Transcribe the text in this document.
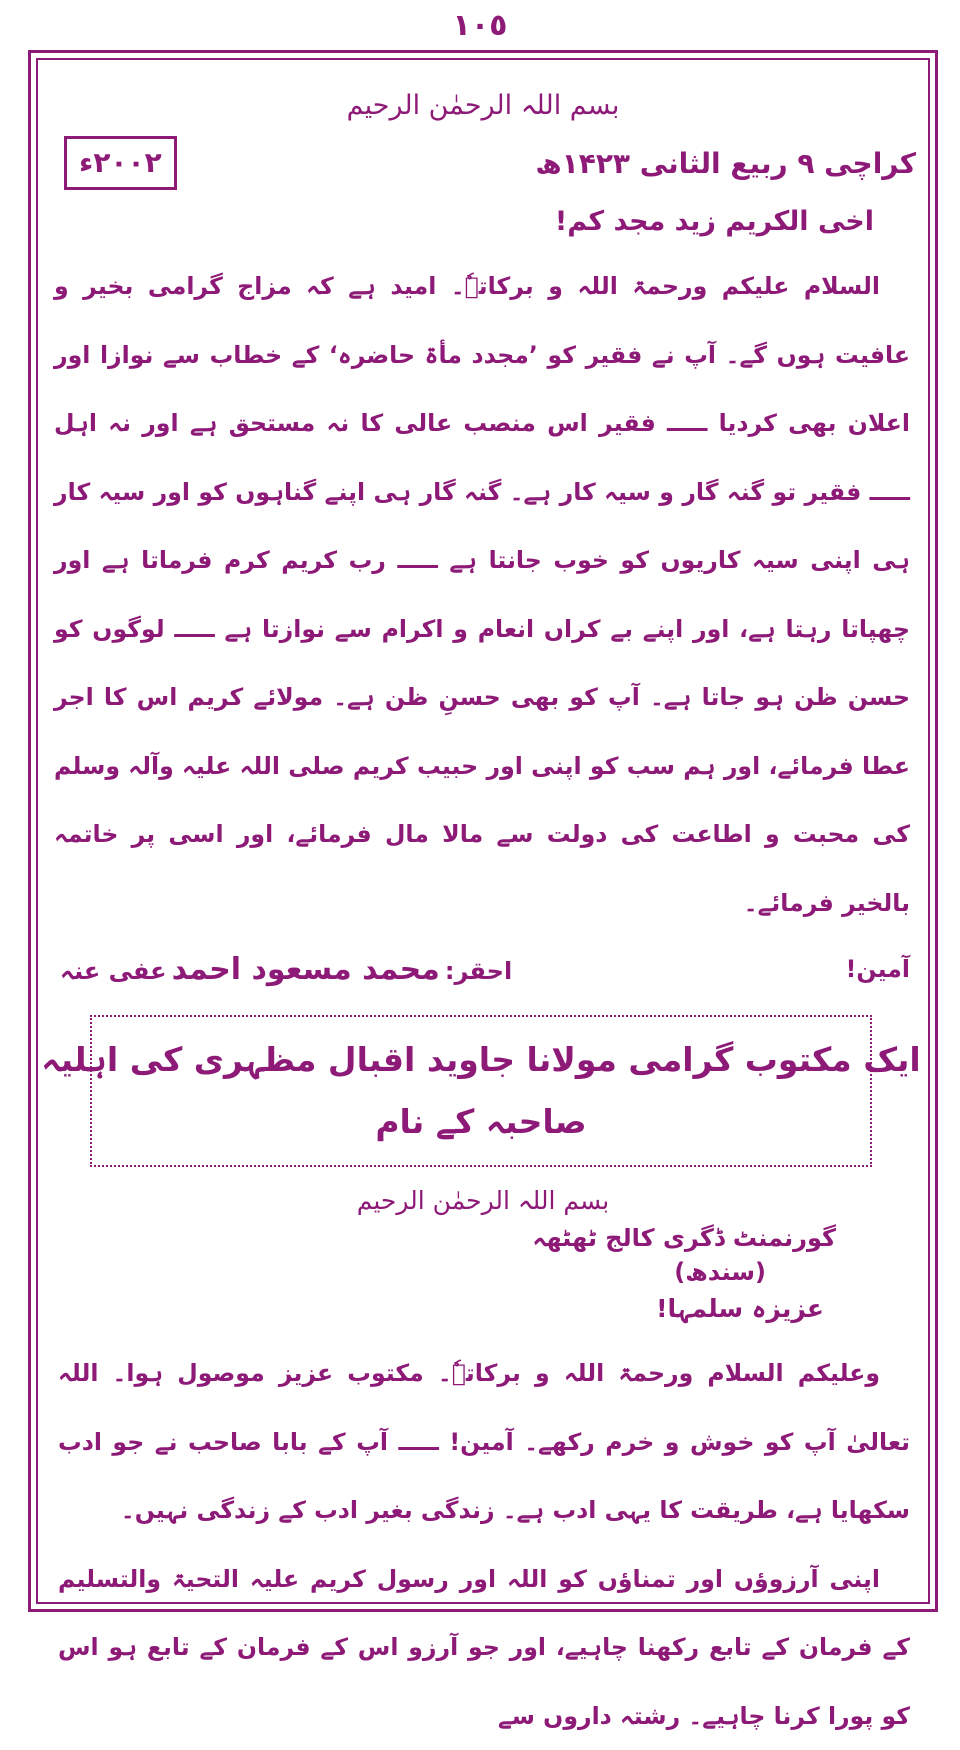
١٠٥
بسم اللہ الرحمٰن الرحیم
کراچی ۹ ربیع الثانی ۱۴۲۳ھ
٢٠٠٢ء
اخی الکریم زید مجد کم!

السلام علیکم ورحمۃ اللہ و برکاتہٗ۔ امید ہے کہ مزاج گرامی بخیر و عافیت ہوں گے۔ آپ نے فقیر کو ’مجدد مأۃ حاضرہ‘ کے خطاب سے نوازا اور اعلان بھی کردیا ـــــ فقیر اس منصب عالی کا نہ مستحق ہے اور نہ اہل ـــــ فقیر تو گنہ گار و سیہ کار ہے۔ گنہ گار ہی اپنے گناہوں کو اور سیہ کار ہی اپنی سیہ کاریوں کو خوب جانتا ہے ـــــ رب کریم کرم فرماتا ہے اور چھپاتا رہتا ہے، اور اپنے بے کراں انعام و اکرام سے نوازتا ہے ـــــ لوگوں کو حسن ظن ہو جاتا ہے۔ آپ کو بھی حسنِ ظن ہے۔ مولائے کریم اس کا اجر عطا فرمائے، اور ہم سب کو اپنی اور حبیب کریم صلی اللہ علیہ وآلہ وسلم کی محبت و اطاعت کی دولت سے مالا مال فرمائے، اور اسی پر خاتمہ بالخیر فرمائے۔

آمین!
احقر: محمد مسعود احمد عفی عنہ
ایک مکتوب گرامی مولانا جاوید اقبال مظہری کی اہلیہ
صاحبہ کے نام
بسم اللہ الرحمٰن الرحیم
گورنمنٹ ڈگری کالج ٹھٹھہ
(سندھ)
عزیزہ سلمہا!

وعلیکم السلام ورحمۃ اللہ و برکاتہٗ۔ مکتوب عزیز موصول ہوا۔ اللہ تعالیٰ آپ کو خوش و خرم رکھے۔ آمین! ـــــ آپ کے بابا صاحب نے جو ادب سکھایا ہے، طریقت کا یہی ادب ہے۔ زندگی بغیر ادب کے زندگی نہیں۔

اپنی آرزوؤں اور تمناؤں کو اللہ اور رسول کریم علیہ التحیۃ والتسلیم کے فرمان کے تابع رکھنا چاہیے، اور جو آرزو اس کے فرمان کے تابع ہو اس کو پورا کرنا چاہیے۔ رشتہ داروں سے
